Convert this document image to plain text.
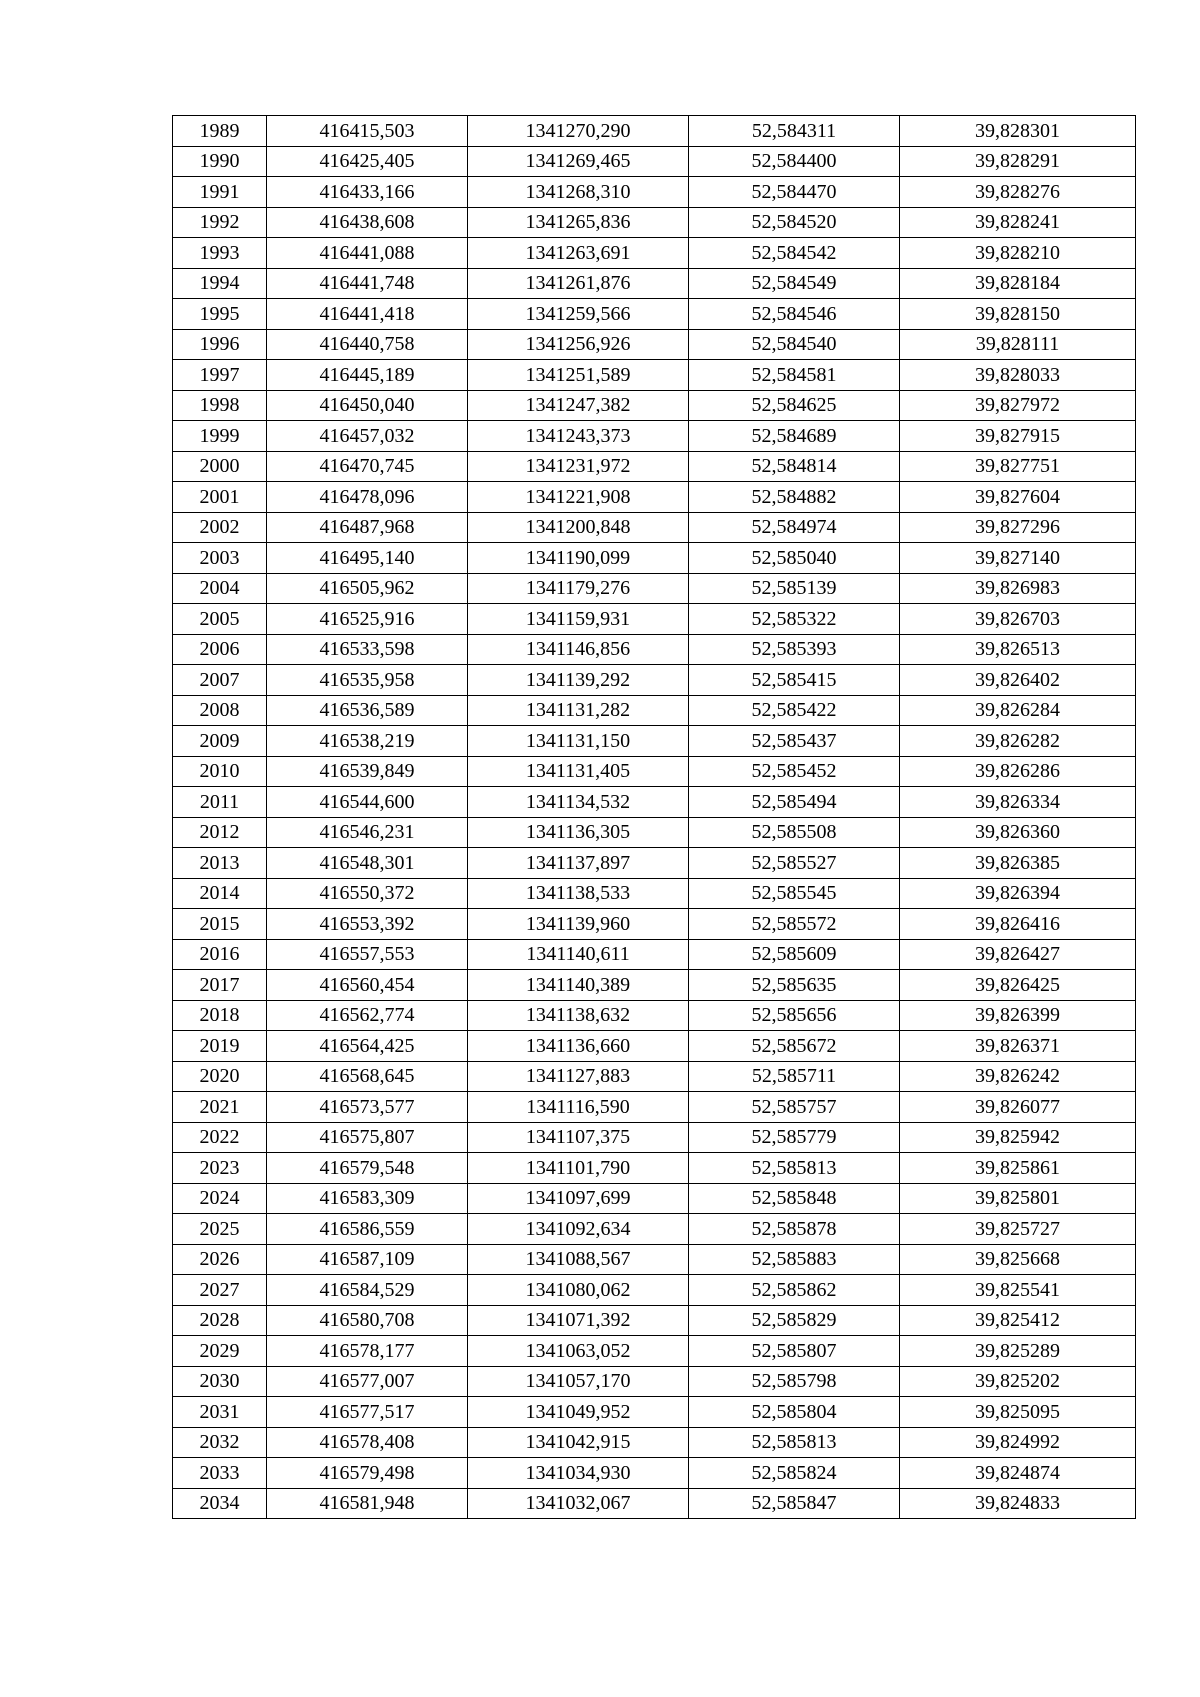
1989	416415,503	1341270,290	52,584311	39,828301
1990	416425,405	1341269,465	52,584400	39,828291
1991	416433,166	1341268,310	52,584470	39,828276
1992	416438,608	1341265,836	52,584520	39,828241
1993	416441,088	1341263,691	52,584542	39,828210
1994	416441,748	1341261,876	52,584549	39,828184
1995	416441,418	1341259,566	52,584546	39,828150
1996	416440,758	1341256,926	52,584540	39,828111
1997	416445,189	1341251,589	52,584581	39,828033
1998	416450,040	1341247,382	52,584625	39,827972
1999	416457,032	1341243,373	52,584689	39,827915
2000	416470,745	1341231,972	52,584814	39,827751
2001	416478,096	1341221,908	52,584882	39,827604
2002	416487,968	1341200,848	52,584974	39,827296
2003	416495,140	1341190,099	52,585040	39,827140
2004	416505,962	1341179,276	52,585139	39,826983
2005	416525,916	1341159,931	52,585322	39,826703
2006	416533,598	1341146,856	52,585393	39,826513
2007	416535,958	1341139,292	52,585415	39,826402
2008	416536,589	1341131,282	52,585422	39,826284
2009	416538,219	1341131,150	52,585437	39,826282
2010	416539,849	1341131,405	52,585452	39,826286
2011	416544,600	1341134,532	52,585494	39,826334
2012	416546,231	1341136,305	52,585508	39,826360
2013	416548,301	1341137,897	52,585527	39,826385
2014	416550,372	1341138,533	52,585545	39,826394
2015	416553,392	1341139,960	52,585572	39,826416
2016	416557,553	1341140,611	52,585609	39,826427
2017	416560,454	1341140,389	52,585635	39,826425
2018	416562,774	1341138,632	52,585656	39,826399
2019	416564,425	1341136,660	52,585672	39,826371
2020	416568,645	1341127,883	52,585711	39,826242
2021	416573,577	1341116,590	52,585757	39,826077
2022	416575,807	1341107,375	52,585779	39,825942
2023	416579,548	1341101,790	52,585813	39,825861
2024	416583,309	1341097,699	52,585848	39,825801
2025	416586,559	1341092,634	52,585878	39,825727
2026	416587,109	1341088,567	52,585883	39,825668
2027	416584,529	1341080,062	52,585862	39,825541
2028	416580,708	1341071,392	52,585829	39,825412
2029	416578,177	1341063,052	52,585807	39,825289
2030	416577,007	1341057,170	52,585798	39,825202
2031	416577,517	1341049,952	52,585804	39,825095
2032	416578,408	1341042,915	52,585813	39,824992
2033	416579,498	1341034,930	52,585824	39,824874
2034	416581,948	1341032,067	52,585847	39,824833
